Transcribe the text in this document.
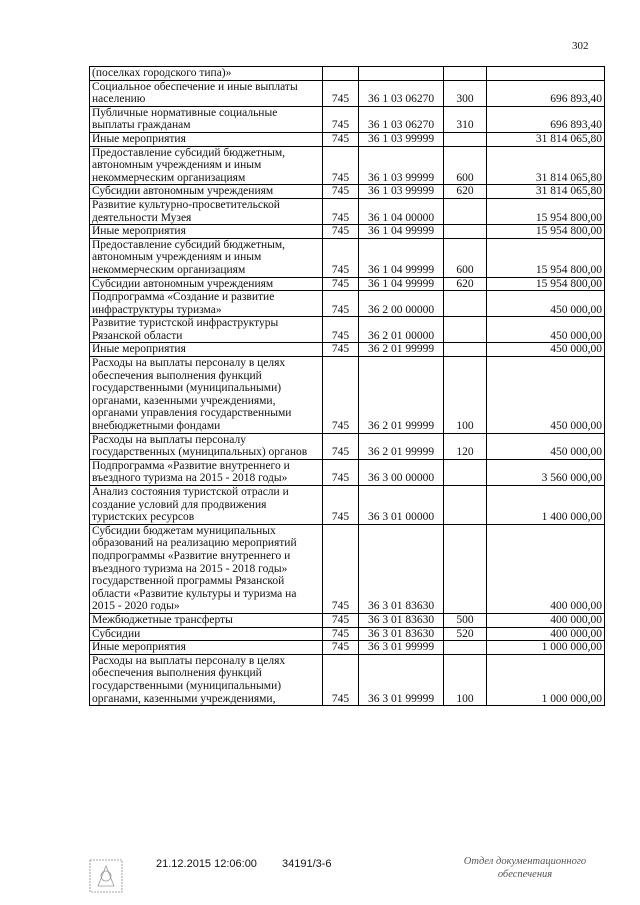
302
(поселках городского типа)»				
Социальное обеспечение и иные выплаты населению	745	36 1 03 06270	300	696 893,40
Публичные нормативные социальные выплаты гражданам	745	36 1 03 06270	310	696 893,40
Иные мероприятия	745	36 1 03 99999		31 814 065,80
Предоставление субсидий бюджетным, автономным учреждениям и иным некоммерческим организациям	745	36 1 03 99999	600	31 814 065,80
Субсидии автономным учреждениям	745	36 1 03 99999	620	31 814 065,80
Развитие культурно-просветительской деятельности Музея	745	36 1 04 00000		15 954 800,00
Иные мероприятия	745	36 1 04 99999		15 954 800,00
Предоставление субсидий бюджетным, автономным учреждениям и иным некоммерческим организациям	745	36 1 04 99999	600	15 954 800,00
Субсидии автономным учреждениям	745	36 1 04 99999	620	15 954 800,00
Подпрограмма «Создание и развитие инфраструктуры туризма»	745	36 2 00 00000		450 000,00
Развитие туристской инфраструктуры Рязанской области	745	36 2 01 00000		450 000,00
Иные мероприятия	745	36 2 01 99999		450 000,00
Расходы на выплаты персоналу в целях обеспечения выполнения функций государственными (муниципальными) органами, казенными учреждениями, органами управления государственными внебюджетными фондами	745	36 2 01 99999	100	450 000,00
Расходы на выплаты персоналу государственных (муниципальных) органов	745	36 2 01 99999	120	450 000,00
Подпрограмма «Развитие внутреннего и въездного туризма на 2015 - 2018 годы»	745	36 3 00 00000		3 560 000,00
Анализ состояния туристской отрасли и создание условий для продвижения туристских ресурсов	745	36 3 01 00000		1 400 000,00
Субсидии бюджетам муниципальных образований на реализацию мероприятий подпрограммы «Развитие внутреннего и въездного туризма на 2015 - 2018 годы» государственной программы Рязанской области «Развитие культуры и туризма на 2015 - 2020 годы»	745	36 3 01 83630		400 000,00
Межбюджетные трансферты	745	36 3 01 83630	500	400 000,00
Субсидии	745	36 3 01 83630	520	400 000,00
Иные мероприятия	745	36 3 01 99999		1 000 000,00
Расходы на выплаты персоналу в целях обеспечения выполнения функций государственными (муниципальными) органами, казенными учреждениями,	745	36 3 01 99999	100	1 000 000,00
21.12.2015 12:06:00 34191/3-6	Отдел документационного обеспечения
